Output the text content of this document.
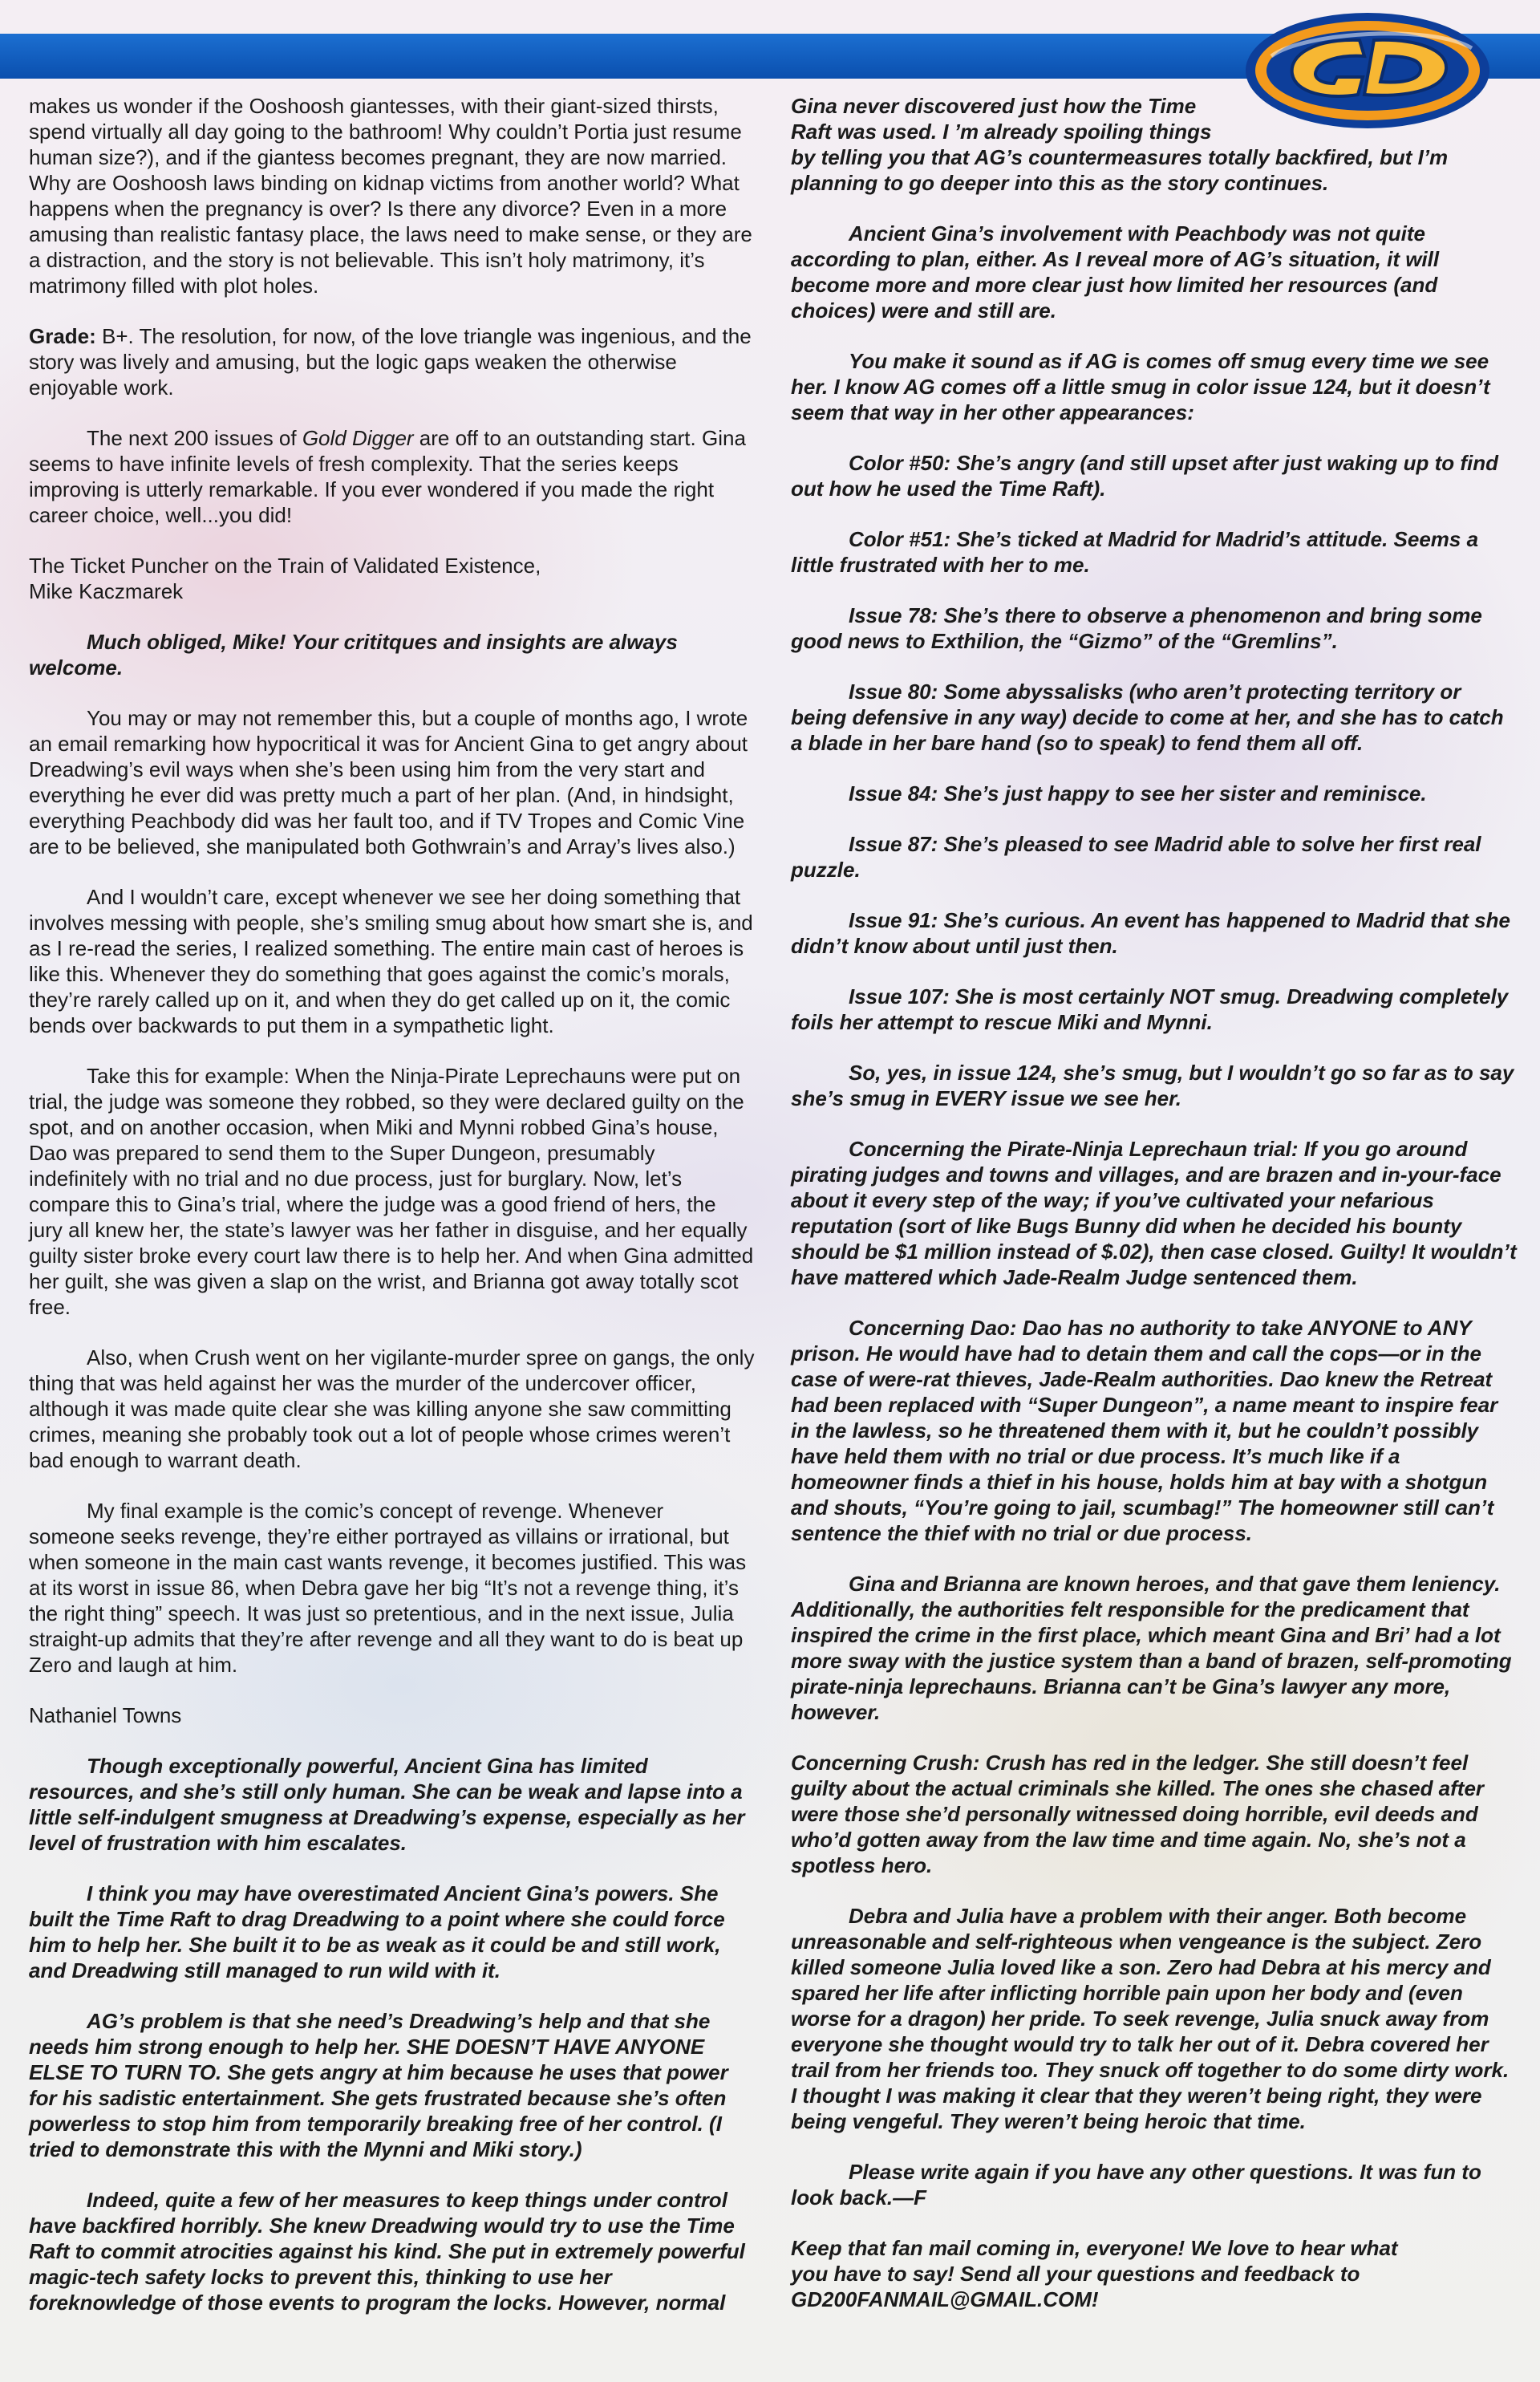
makes us wonder if the Ooshoosh giantesses, with their giant-sized thirsts, spend virtually all day going to the bathroom! Why couldn’t Portia just resume human size?), and if the giantess becomes pregnant, they are now married. Why are Ooshoosh laws binding on kidnap victims from another world? What happens when the pregnancy is over? Is there any divorce? Even in a more amusing than realistic fantasy place, the laws need to make sense, or they are a distraction, and the story is not believable. This isn’t holy matrimony, it’s matrimony filled with plot holes.

Grade: B+. The resolution, for now, of the love triangle was ingenious, and the story was lively and amusing, but the logic gaps weaken the otherwise enjoyable work.

The next 200 issues of Gold Digger are off to an outstanding start. Gina seems to have infinite levels of fresh complexity. That the series keeps improving is utterly remarkable. If you ever wondered if you made the right career choice, well...you did!

The Ticket Puncher on the Train of Validated Existence,
Mike Kaczmarek

Much obliged, Mike! Your crititques and insights are always welcome.

You may or may not remember this, but a couple of months ago, I wrote an email remarking how hypocritical it was for Ancient Gina to get angry about Dreadwing’s evil ways when she’s been using him from the very start and everything he ever did was pretty much a part of her plan. (And, in hindsight, everything Peachbody did was her fault too, and if TV Tropes and Comic Vine are to be believed, she manipulated both Gothwrain’s and Array’s lives also.)

And I wouldn’t care, except whenever we see her doing something that involves messing with people, she’s smiling smug about how smart she is, and as I re-read the series, I realized something. The entire main cast of heroes is like this. Whenever they do something that goes against the comic’s morals, they’re rarely called up on it, and when they do get called up on it, the comic bends over backwards to put them in a sympathetic light.

Take this for example: When the Ninja-Pirate Leprechauns were put on trial, the judge was someone they robbed, so they were declared guilty on the spot, and on another occasion, when Miki and Mynni robbed Gina’s house, Dao was prepared to send them to the Super Dungeon, presumably indefinitely with no trial and no due process, just for burglary. Now, let’s compare this to Gina’s trial, where the judge was a good friend of hers, the jury all knew her, the state’s lawyer was her father in disguise, and her equally guilty sister broke every court law there is to help her. And when Gina admitted her guilt, she was given a slap on the wrist, and Brianna got away totally scot free.

Also, when Crush went on her vigilante-murder spree on gangs, the only thing that was held against her was the murder of the undercover officer, although it was made quite clear she was killing anyone she saw committing crimes, meaning she probably took out a lot of people whose crimes weren’t bad enough to warrant death.

My final example is the comic’s concept of revenge. Whenever someone seeks revenge, they’re either portrayed as villains or irrational, but when someone in the main cast wants revenge, it becomes justified. This was at its worst in issue 86, when Debra gave her big “It’s not a revenge thing, it’s the right thing” speech. It was just so pretentious, and in the next issue, Julia straight-up admits that they’re after revenge and all they want to do is beat up Zero and laugh at him.

Nathaniel Towns

Though exceptionally powerful, Ancient Gina has limited resources, and she’s still only human. She can be weak and lapse into a little self-indulgent smugness at Dreadwing’s expense, especially as her level of frustration with him escalates.

I think you may have overestimated Ancient Gina’s powers. She built the Time Raft to drag Dreadwing to a point where she could force him to help her. She built it to be as weak as it could be and still work, and Dreadwing still managed to run wild with it.

AG’s problem is that she need’s Dreadwing’s help and that she needs him strong enough to help her. SHE DOESN’T HAVE ANYONE ELSE TO TURN TO. She gets angry at him because he uses that power for his sadistic entertainment. She gets frustrated because she’s often powerless to stop him from temporarily breaking free of her control. (I tried to demonstrate this with the Mynni and Miki story.)

Indeed, quite a few of her measures to keep things under control have backfired horribly. She knew Dreadwing would try to use the Time Raft to commit atrocities against his kind. She put in extremely powerful magic-tech safety locks to prevent this, thinking to use her foreknowledge of those events to program the locks. However, normal

Gina never discovered just how the Time
Raft was used. I ’m already spoiling things
by telling you that AG’s countermeasures totally backfired, but I’m planning to go deeper into this as the story continues.

Ancient Gina’s involvement with Peachbody was not quite according to plan, either. As I reveal more of AG’s situation, it will become more and more clear just how limited her resources (and choices) were and still are.

You make it sound as if AG is comes off smug every time we see her. I know AG comes off a little smug in color issue 124, but it doesn’t seem that way in her other appearances:

Color #50: She’s angry (and still upset after just waking up to find out how he used the Time Raft).

Color #51: She’s ticked at Madrid for Madrid’s attitude. Seems a little frustrated with her to me.

Issue 78: She’s there to observe a phenomenon and bring some good news to Exthilion, the “Gizmo” of the “Gremlins”.

Issue 80: Some abyssalisks (who aren’t protecting territory or being defensive in any way) decide to come at her, and she has to catch a blade in her bare hand (so to speak) to fend them all off.

Issue 84: She’s just happy to see her sister and reminisce.

Issue 87: She’s pleased to see Madrid able to solve her first real puzzle.

Issue 91: She’s curious. An event has happened to Madrid that she didn’t know about until just then.

Issue 107: She is most certainly NOT smug. Dreadwing completely foils her attempt to rescue Miki and Mynni.

So, yes, in issue 124, she’s smug, but I wouldn’t go so far as to say she’s smug in EVERY issue we see her.

Concerning the Pirate-Ninja Leprechaun trial: If you go around pirating judges and towns and villages, and are brazen and in-your-face about it every step of the way; if you’ve cultivated your nefarious reputation (sort of like Bugs Bunny did when he decided his bounty should be $1 million instead of $.02), then case closed. Guilty! It wouldn’t have mattered which Jade-Realm Judge sentenced them.

Concerning Dao: Dao has no authority to take ANYONE to ANY prison. He would have had to detain them and call the cops—or in the case of were-rat thieves, Jade-Realm authorities. Dao knew the Retreat had been replaced with “Super Dungeon”, a name meant to inspire fear in the lawless, so he threatened them with it, but he couldn’t possibly have held them with no trial or due process. It’s much like if a homeowner finds a thief in his house, holds him at bay with a shotgun and shouts, “You’re going to jail, scumbag!” The homeowner still can’t sentence the thief with no trial or due process.

Gina and Brianna are known heroes, and that gave them leniency. Additionally, the authorities felt responsible for the predicament that inspired the crime in the first place, which meant Gina and Bri’ had a lot more sway with the justice system than a band of brazen, self-promoting pirate-ninja leprechauns. Brianna can’t be Gina’s lawyer any more, however.

Concerning Crush: Crush has red in the ledger. She still doesn’t feel guilty about the actual criminals she killed. The ones she chased after were those she’d personally witnessed doing horrible, evil deeds and who’d gotten away from the law time and time again. No, she’s not a spotless hero.

Debra and Julia have a problem with their anger. Both become unreasonable and self-righteous when vengeance is the subject. Zero killed someone Julia loved like a son. Zero had Debra at his mercy and spared her life after inflicting horrible pain upon her body and (even worse for a dragon) her pride. To seek revenge, Julia snuck away from everyone she thought would try to talk her out of it. Debra covered her trail from her friends too. They snuck off together to do some dirty work. I thought I was making it clear that they weren’t being right, they were being vengeful. They weren’t being heroic that time.

Please write again if you have any other questions. It was fun to look back.—F

Keep that fan mail coming in, everyone! We love to hear what
you have to say! Send all your questions and feedback to
GD200FANMAIL@GMAIL.COM!
